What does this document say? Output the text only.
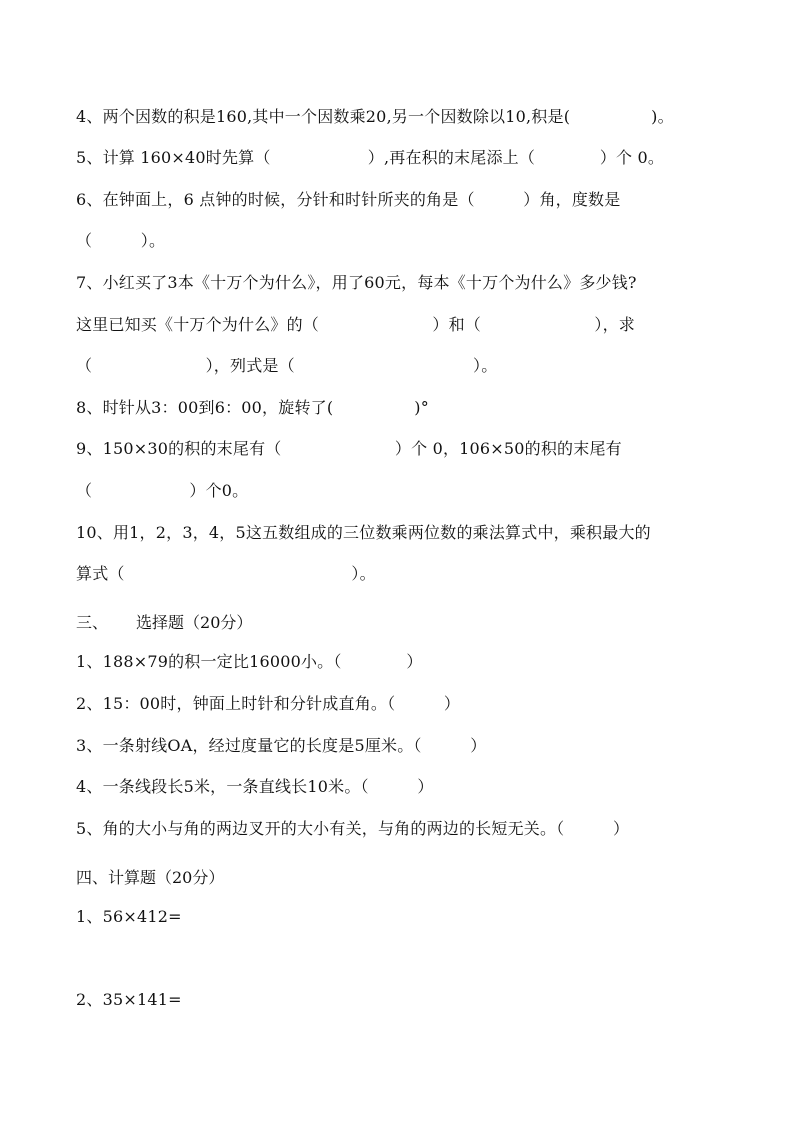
4、两个因数的积是160,其中一个因数乘20,另一个因数除以10,积是(　　　　　)。
5、计算 160×40时先算（　　　　　　）,再在积的末尾添上（　　　　）个 0。
6、在钟面上，6 点钟的时候，分针和时针所夹的角是（　　　）角，度数是
（　　　）。
7、小红买了3本《十万个为什么》，用了60元，每本《十万个为什么》多少钱?
这里已知买《十万个为什么》的（　　　　　　　）和（　　　　　　　），求
（　　　　　　　），列式是（　　　　　　　　　　　）。
8、时针从3：00到6：00，旋转了(　　　　　)°
9、150×30的积的末尾有（　　　　　　　）个 0，106×50的积的末尾有
（　　　　　　）个0。
10、用1，2，3，4，5这五数组成的三位数乘两位数的乘法算式中，乘积最大的
算式（　　　　　　　　　　　　　　）。
三、 选择题（20分）
1、188×79的积一定比16000小。（　　　　）
2、15：00时，钟面上时针和分针成直角。（　　　）
3、一条射线OA，经过度量它的长度是5厘米。（　　　）
4、一条线段长5米，一条直线长10米。（　　　）
5、角的大小与角的两边叉开的大小有关，与角的两边的长短无关。（　　　）
四、计算题（20分）
1、56×412=
2、35×141=
